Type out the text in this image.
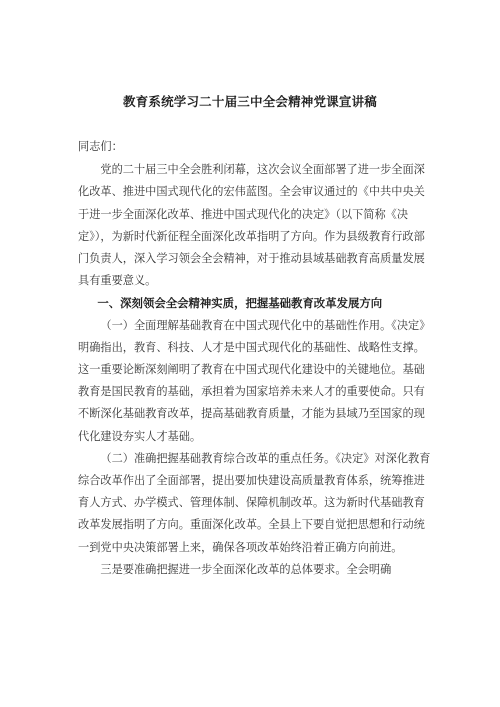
教育系统学习二十届三中全会精神党课宣讲稿

同志们：

党的二十届三中全会胜利闭幕，这次会议全面部署了进一步全面深化改革、推进中国式现代化的宏伟蓝图。全会审议通过的《中共中央关于进一步全面深化改革、推进中国式现代化的决定》（以下简称《决定》），为新时代新征程全面深化改革指明了方向。作为县级教育行政部门负责人，深入学习领会全会精神，对于推动县域基础教育高质量发展具有重要意义。

一、深刻领会全会精神实质，把握基础教育改革发展方向

（一）全面理解基础教育在中国式现代化中的基础性作用。《决定》明确指出，教育、科技、人才是中国式现代化的基础性、战略性支撑。这一重要论断深刻阐明了教育在中国式现代化建设中的关键地位。基础教育是国民教育的基础，承担着为国家培养未来人才的重要使命。只有不断深化基础教育改革，提高基础教育质量，才能为县域乃至国家的现代化建设夯实人才基础。

（二）准确把握基础教育综合改革的重点任务。《决定》对深化教育综合改革作出了全面部署，提出要加快建设高质量教育体系，统筹推进育人方式、办学模式、管理体制、保障机制改革。这为新时代基础教育改革发展指明了方向。重面深化改革。全县上下要自觉把思想和行动统一到党中央决策部署上来，确保各项改革始终沿着正确方向前进。

三是要准确把握进一步全面深化改革的总体要求。全会明确
